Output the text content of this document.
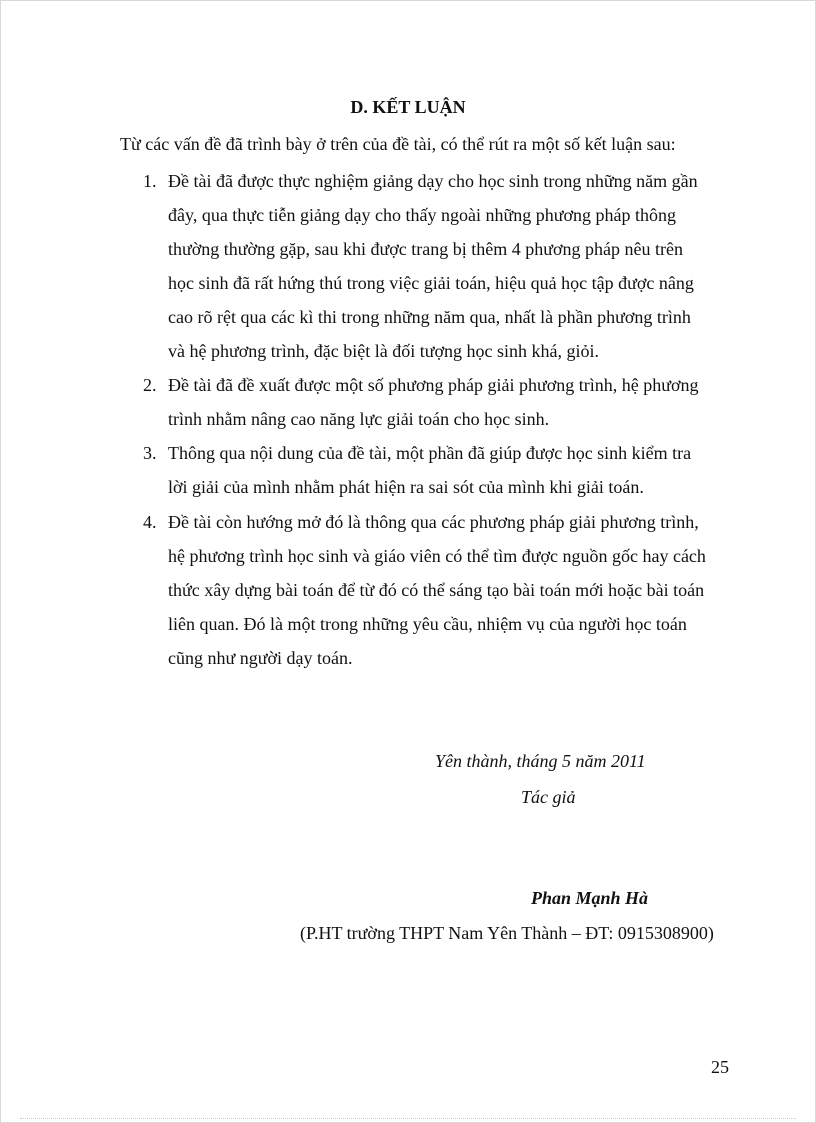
D. KẾT LUẬN
Từ các vấn đề đã trình bày ở trên của đề tài, có thể rút ra một số kết luận sau:
1. Đề tài đã được thực nghiệm giảng dạy cho học sinh trong những năm gần
đây, qua thực tiễn giảng dạy cho thấy ngoài những phương pháp thông
thường thường gặp, sau khi được trang bị thêm 4 phương pháp nêu trên
học sinh đã rất hứng thú trong việc giải toán, hiệu quả học tập được nâng
cao rõ rệt qua các kì thi trong những năm qua, nhất là phần phương trình
và hệ phương trình, đặc biệt là đối tượng học sinh khá, giỏi.
2. Đề tài đã đề xuất được một số phương pháp giải phương trình, hệ phương
trình nhằm nâng cao năng lực giải toán cho học sinh.
3. Thông qua nội dung của đề tài, một phần đã giúp được học sinh kiểm tra
lời giải của mình nhằm phát hiện ra sai sót của mình khi giải toán.
4. Đề tài còn hướng mở đó là thông qua các phương pháp giải phương trình,
hệ phương trình học sinh và giáo viên có thể tìm được nguồn gốc hay cách
thức xây dựng bài toán để từ đó có thể sáng tạo bài toán mới hoặc bài toán
liên quan. Đó là một trong những yêu cầu, nhiệm vụ của người học toán
cũng như người dạy toán.
Yên thành, tháng 5 năm 2011
Tác giả
Phan Mạnh Hà
(P.HT trường THPT Nam Yên Thành – ĐT: 0915308900)
25
